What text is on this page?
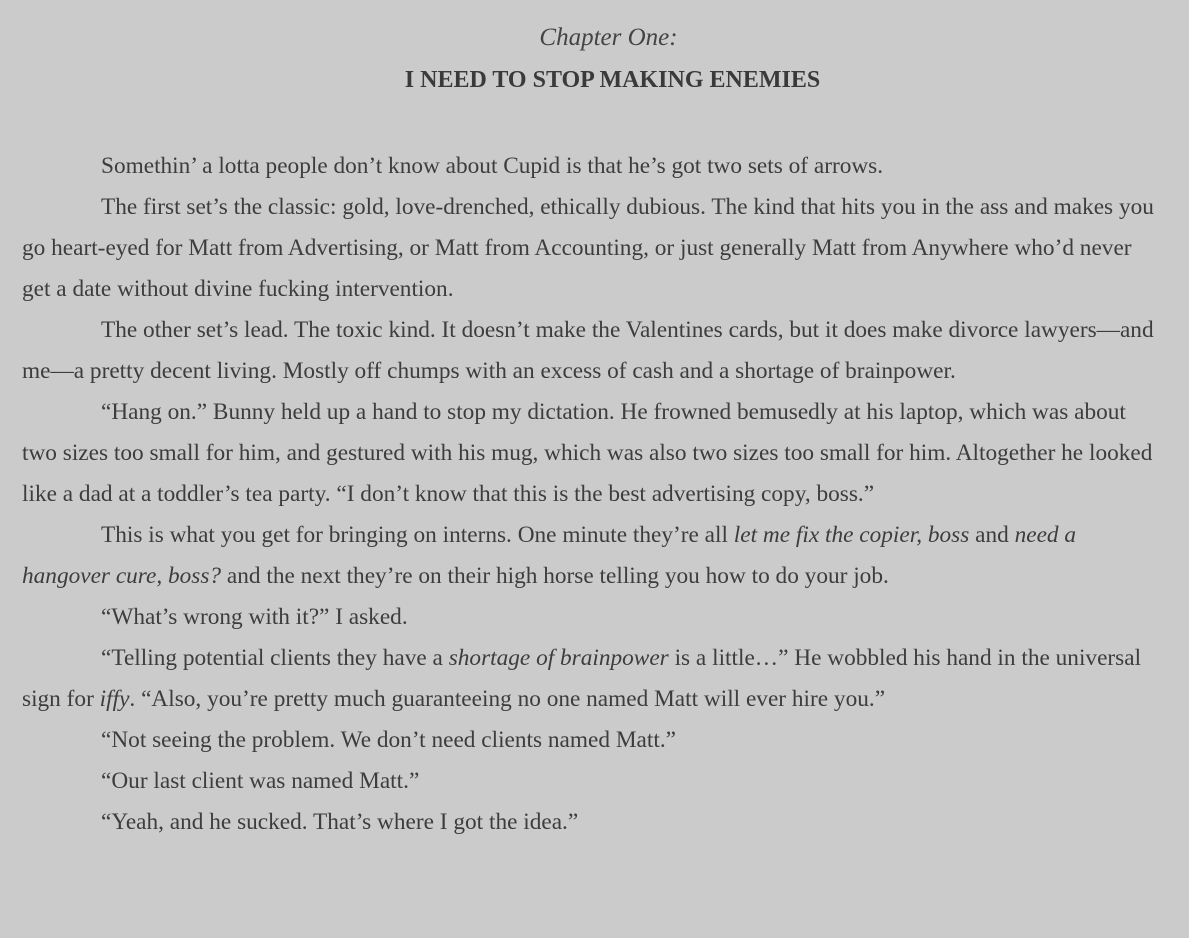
Chapter One:
I NEED TO STOP MAKING ENEMIES

Somethin’ a lotta people don’t know about Cupid is that he’s got two sets of arrows.

The first set’s the classic: gold, love-drenched, ethically dubious. The kind that hits you in the ass and makes you go heart-eyed for Matt from Advertising, or Matt from Accounting, or just generally Matt from Anywhere who’d never get a date without divine fucking intervention.

The other set’s lead. The toxic kind. It doesn’t make the Valentines cards, but it does make divorce lawyers—and me—a pretty decent living. Mostly off chumps with an excess of cash and a shortage of brainpower.

“Hang on.” Bunny held up a hand to stop my dictation. He frowned bemusedly at his laptop, which was about two sizes too small for him, and gestured with his mug, which was also two sizes too small for him. Altogether he looked like a dad at a toddler’s tea party. “I don’t know that this is the best advertising copy, boss.”

This is what you get for bringing on interns. One minute they’re all let me fix the copier, boss and need a hangover cure, boss? and the next they’re on their high horse telling you how to do your job.

“What’s wrong with it?” I asked.

“Telling potential clients they have a shortage of brainpower is a little…” He wobbled his hand in the universal sign for iffy. “Also, you’re pretty much guaranteeing no one named Matt will ever hire you.”

“Not seeing the problem. We don’t need clients named Matt.”

“Our last client was named Matt.”

“Yeah, and he sucked. That’s where I got the idea.”
